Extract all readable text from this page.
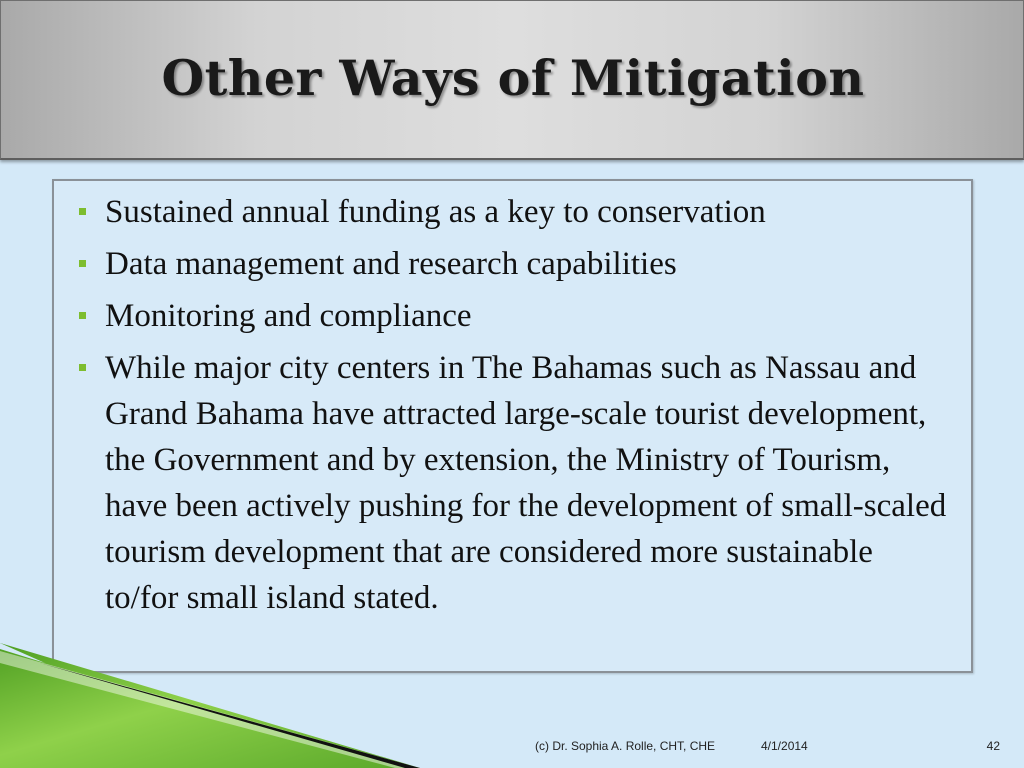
Other Ways of Mitigation
Sustained annual funding as a key to conservation
Data management and research capabilities
Monitoring and compliance
While major city centers in The Bahamas such as Nassau and Grand Bahama have attracted large-scale tourist development, the Government and by extension, the Ministry of Tourism, have been actively pushing for the development of small-scaled tourism development that are considered more sustainable to/for small island stated.
(c) Dr. Sophia A. Rolle, CHT, CHE	4/1/2014	42
